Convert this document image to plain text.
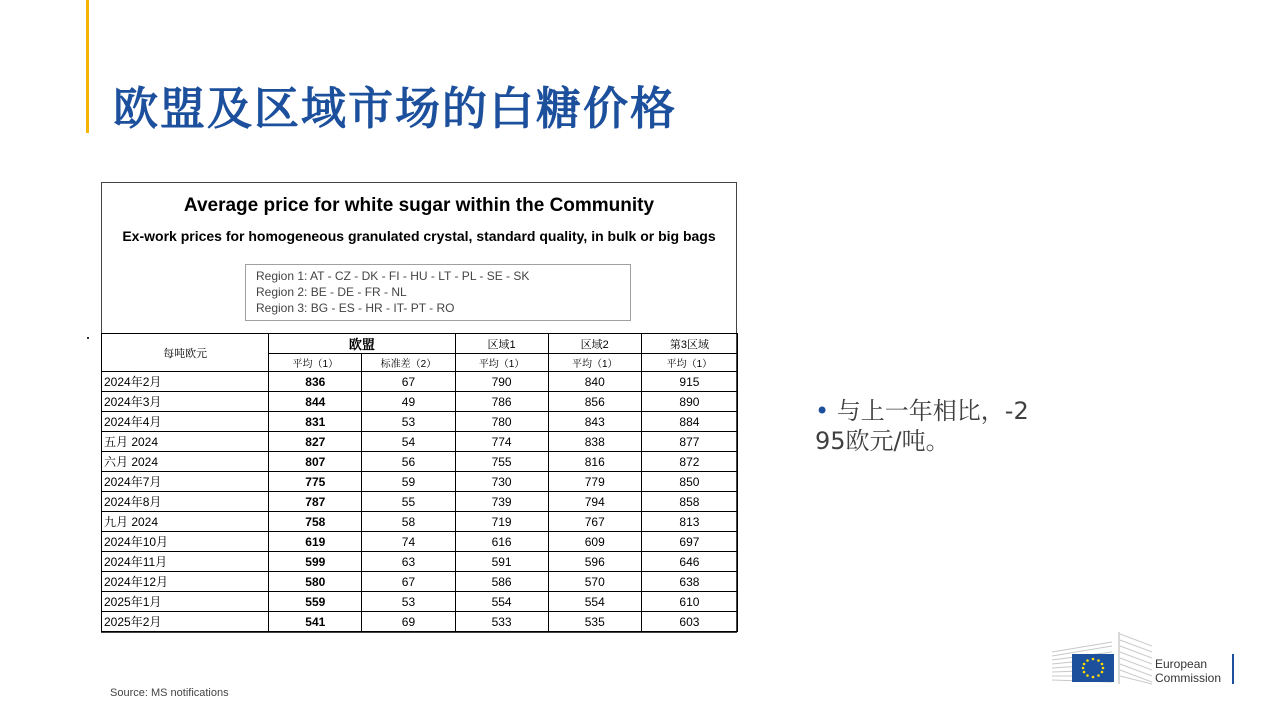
欧盟及区域市场的白糖价格
Average price for white sugar within the Community
Ex-work prices for homogeneous granulated crystal, standard quality, in bulk or big bags
Region 1: AT - CZ - DK - FI - HU - LT - PL - SE - SK
Region 2: BE - DE - FR - NL
Region 3: BG - ES - HR - IT- PT - RO
每吨欧元	欧盟		区域1	区域2	第3区域
	平均（1）	标准差（2）	平均（1）	平均（1）	平均（1）
2024年2月	836	67	790	840	915
2024年3月	844	49	786	856	890
2024年4月	831	53	780	843	884
五月 2024	827	54	774	838	877
六月 2024	807	56	755	816	872
2024年7月	775	59	730	779	850
2024年8月	787	55	739	794	858
九月 2024	758	58	719	767	813
2024年10月	619	74	616	609	697
2024年11月	599	63	591	596	646
2024年12月	580	67	586	570	638
2025年1月	559	53	554	554	610
2025年2月	541	69	533	535	603
• 与上一年相比，-2
95欧元/吨。
Source: MS notifications
European
Commission
